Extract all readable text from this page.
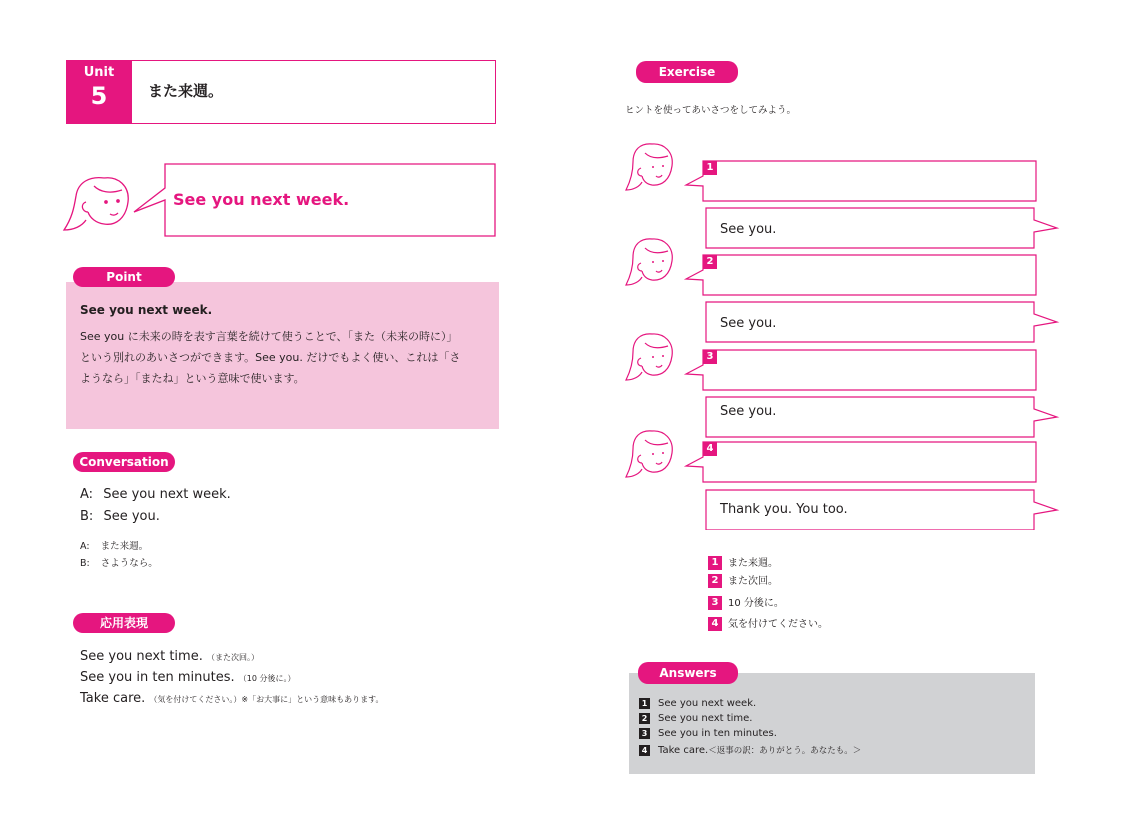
Unit
5	また来週。
See you next week.
Point
See you next week.
See you に未来の時を表す言葉を続けて使うことで、「また（未来の時に）」
という別れのあいさつができます。See you. だけでもよく使い、これは「さ
ようなら」「またね」という意味で使います。
Conversation
A: See you next week.
B: See you.
A: また来週。
B: さようなら。
応用表現
See you next time. （また次回。）
See you in ten minutes. （10 分後に。）
Take care. （気を付けてください。）※「お大事に」という意味もあります。
Exercise
ヒントを使ってあいさつをしてみよう。
1
2
3
4
See you.
See you.
See you.
Thank you. You too.
1 また来週。
2 また次回。
3 10 分後に。
4 気を付けてください。
Answers
1 See you next week.
2 See you next time.
3 See you in ten minutes.
4 Take care.＜返事の訳：ありがとう。あなたも。＞
